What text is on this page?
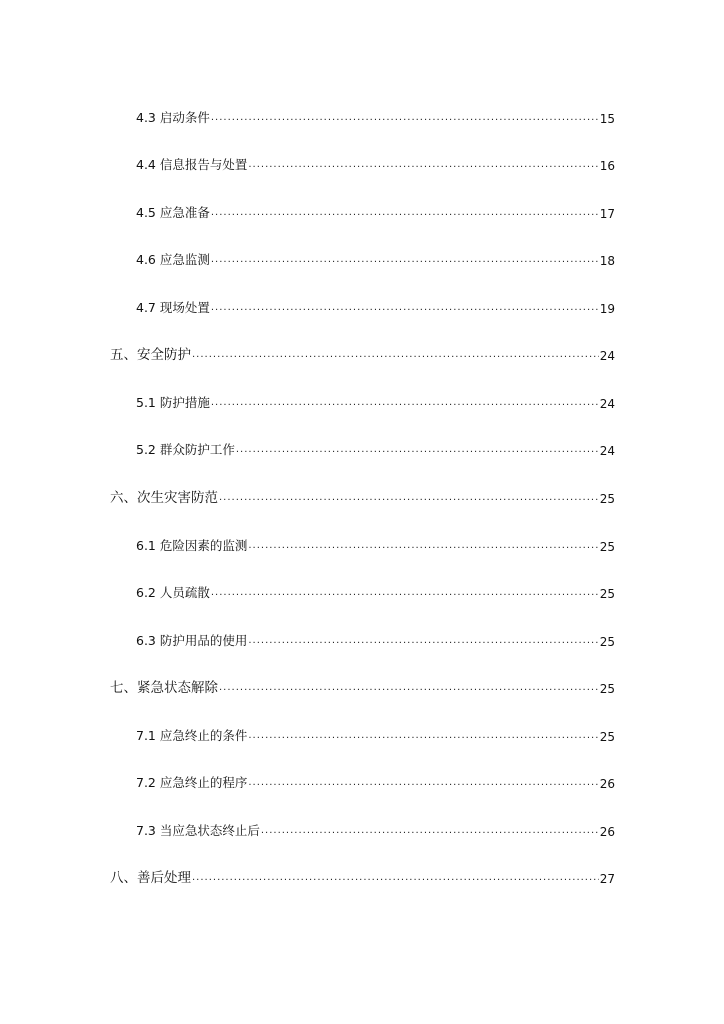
4.3 启动条件 .....	15
4.4 信息报告与处置 .....	16
4.5 应急准备 .....	17
4.6 应急监测 .....	18
4.7 现场处置 .....	19
五、安全防护 .....	24
5.1 防护措施 .....	24
5.2 群众防护工作 .....	24
六、次生灾害防范 .....	25
6.1 危险因素的监测 .....	25
6.2 人员疏散 .....	25
6.3 防护用品的使用 .....	25
七、紧急状态解除 .....	25
7.1 应急终止的条件 .....	25
7.2 应急终止的程序 .....	26
7.3 当应急状态终止后 .....	26
八、善后处理 .....	27
